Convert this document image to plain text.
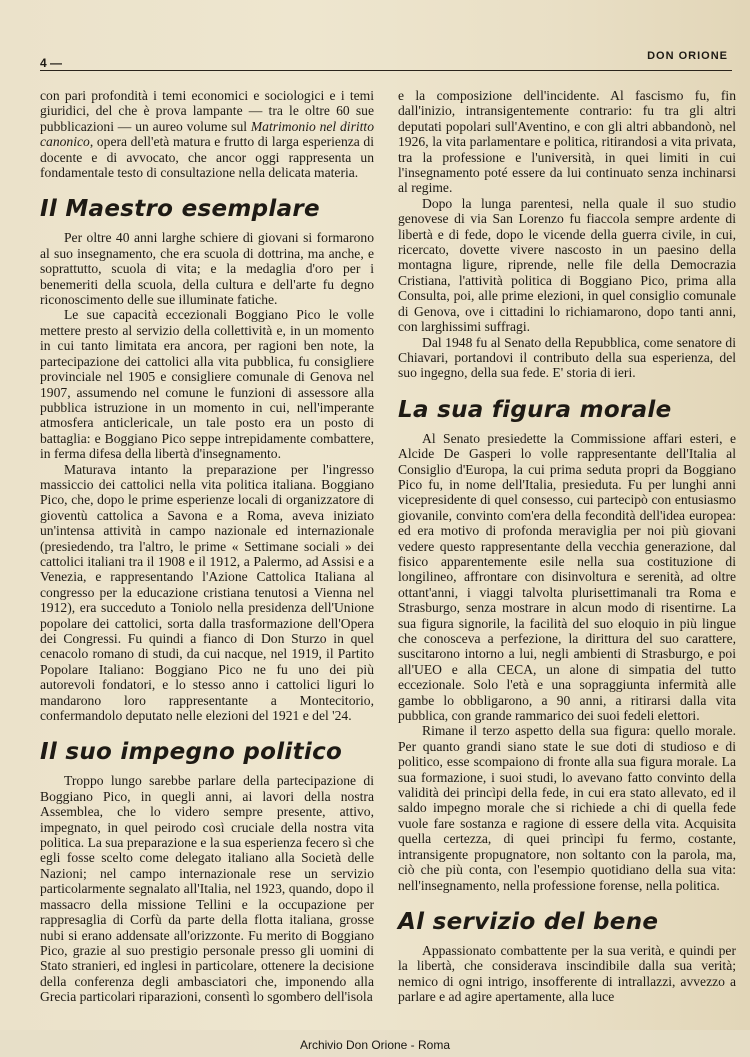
4 —	DON ORIONE

con pari profondità i temi economici e sociologici e i temi giuridici, del che è prova lampante — tra le oltre 60 sue pubblicazioni — un aureo volume sul Matrimonio nel diritto canonico, opera dell'età matura e frutto di larga esperienza di docente e di avvocato, che ancor oggi rappresenta un fondamentale testo di consultazione nella delicata materia.

Il Maestro esemplare

Per oltre 40 anni larghe schiere di giovani si formarono al suo insegnamento, che era scuola di dottrina, ma anche, e soprattutto, scuola di vita; e la medaglia d'oro per i benemeriti della scuola, della cultura e dell'arte fu degno riconoscimento delle sue illuminate fatiche.

Le sue capacità eccezionali Boggiano Pico le volle mettere presto al servizio della collettività e, in un momento in cui tanto limitata era ancora, per ragioni ben note, la partecipazione dei cattolici alla vita pubblica, fu consigliere provinciale nel 1905 e consigliere comunale di Genova nel 1907, assumendo nel comune le funzioni di assessore alla pubblica istruzione in un momento in cui, nell'imperante atmosfera anticlericale, un tale posto era un posto di battaglia: e Boggiano Pico seppe intrepidamente combattere, in ferma difesa della libertà d'insegnamento.

Maturava intanto la preparazione per l'ingresso massiccio dei cattolici nella vita politica italiana. Boggiano Pico, che, dopo le prime esperienze locali di organizzatore di gioventù cattolica a Savona e a Roma, aveva iniziato un'intensa attività in campo nazionale ed internazionale (presiedendo, tra l'altro, le prime « Settimane sociali » dei cattolici italiani tra il 1908 e il 1912, a Palermo, ad Assisi e a Venezia, e rappresentando l'Azione Cattolica Italiana al congresso per la educazione cristiana tenutosi a Vienna nel 1912), era succeduto a Toniolo nella presidenza dell'Unione popolare dei cattolici, sorta dalla trasformazione dell'Opera dei Congressi. Fu quindi a fianco di Don Sturzo in quel cenacolo romano di studi, da cui nacque, nel 1919, il Partito Popolare Italiano: Boggiano Pico ne fu uno dei più autorevoli fondatori, e lo stesso anno i cattolici liguri lo mandarono loro rappresentante a Montecitorio, confermandolo deputato nelle elezioni del 1921 e del '24.

Il suo impegno politico

Troppo lungo sarebbe parlare della partecipazione di Boggiano Pico, in quegli anni, ai lavori della nostra Assemblea, che lo videro sempre presente, attivo, impegnato, in quel peirodo così cruciale della nostra vita politica. La sua preparazione e la sua esperienza fecero sì che egli fosse scelto come delegato italiano alla Società delle Nazioni; nel campo internazionale rese un servizio particolarmente segnalato all'Italia, nel 1923, quando, dopo il massacro della missione Tellini e la occupazione per rappresaglia di Corfù da parte della flotta italiana, grosse nubi si erano addensate all'orizzonte. Fu merito di Boggiano Pico, grazie al suo prestigio personale presso gli uomini di Stato stranieri, ed inglesi in particolare, ottenere la decisione della conferenza degli ambasciatori che, imponendo alla Grecia particolari riparazioni, consentì lo sgombero dell'isola

e la composizione dell'incidente. Al fascismo fu, fin dall'inizio, intransigentemente contrario: fu tra gli altri deputati popolari sull'Aventino, e con gli altri abbandonò, nel 1926, la vita parlamentare e politica, ritirandosi a vita privata, tra la professione e l'università, in quei limiti in cui l'insegnamento poté essere da lui continuato senza inchinarsi al regime.

Dopo la lunga parentesi, nella quale il suo studio genovese di via San Lorenzo fu fiaccola sempre ardente di libertà e di fede, dopo le vicende della guerra civile, in cui, ricercato, dovette vivere nascosto in un paesino della montagna ligure, riprende, nelle file della Democrazia Cristiana, l'attività politica di Boggiano Pico, prima alla Consulta, poi, alle prime elezioni, in quel consiglio comunale di Genova, ove i cittadini lo richiamarono, dopo tanti anni, con larghissimi suffragi.

Dal 1948 fu al Senato della Repubblica, come senatore di Chiavari, portandovi il contributo della sua esperienza, del suo ingegno, della sua fede. E' storia di ieri.

La sua figura morale

Al Senato presiedette la Commissione affari esteri, e Alcide De Gasperi lo volle rappresentante dell'Italia al Consiglio d'Europa, la cui prima seduta propri da Boggiano Pico fu, in nome dell'Italia, presieduta. Fu per lunghi anni vicepresidente di quel consesso, cui partecipò con entusiasmo giovanile, convinto com'era della fecondità dell'idea europea: ed era motivo di profonda meraviglia per noi più giovani vedere questo rappresentante della vecchia generazione, dal fisico apparentemente esile nella sua costituzione di longilineo, affrontare con disinvoltura e serenità, ad oltre ottant'anni, i viaggi talvolta plurisettimanali tra Roma e Strasburgo, senza mostrare in alcun modo di risentirne. La sua figura signorile, la facilità del suo eloquio in più lingue che conosceva a perfezione, la dirittura del suo carattere, suscitarono intorno a lui, negli ambienti di Strasburgo, e poi all'UEO e alla CECA, un alone di simpatia del tutto eccezionale. Solo l'età e una sopraggiunta infermità alle gambe lo obbligarono, a 90 anni, a ritirarsi dalla vita pubblica, con grande rammarico dei suoi fedeli elettori.

Rimane il terzo aspetto della sua figura: quello morale. Per quanto grandi siano state le sue doti di studioso e di politico, esse scompaiono di fronte alla sua figura morale. La sua formazione, i suoi studi, lo avevano fatto convinto della validità dei princìpi della fede, in cui era stato allevato, ed il saldo impegno morale che si richiede a chi di quella fede vuole fare sostanza e ragione di essere della vita. Acquisita quella certezza, di quei princìpi fu fermo, costante, intransigente propugnatore, non soltanto con la parola, ma, ciò che più conta, con l'esempio quotidiano della sua vita: nell'insegnamento, nella professione forense, nella politica.

Al servizio del bene

Appassionato combattente per la sua verità, e quindi per la libertà, che considerava inscindibile dalla sua verità; nemico di ogni intrigo, insofferente di intrallazzi, avvezzo a parlare e ad agire apertamente, alla luce

Archivio Don Orione - Roma
